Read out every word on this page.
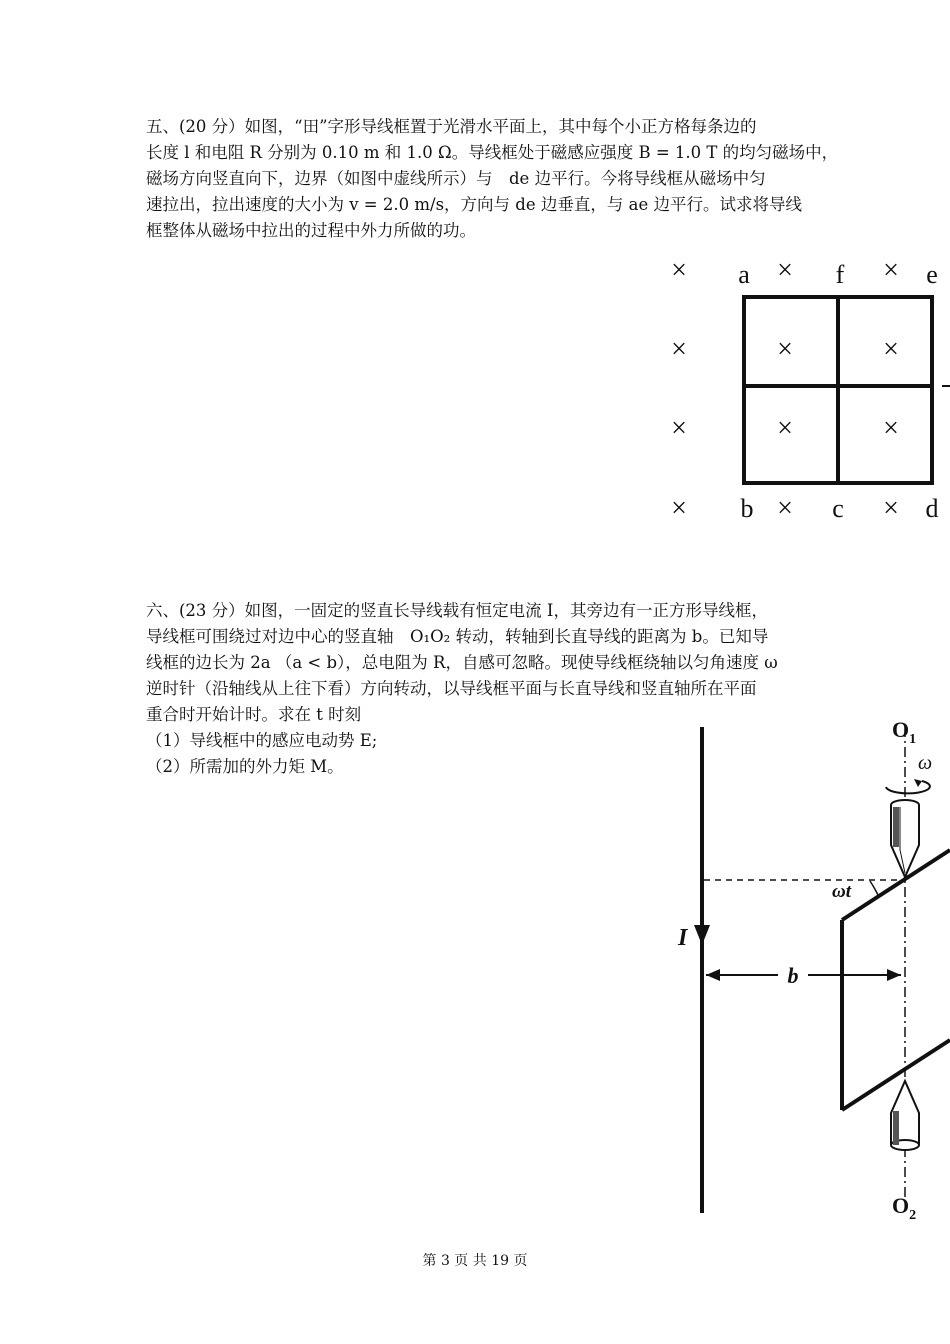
五、(20 分）如图，“田”字形导线框置于光滑水平面上，其中每个小正方格每条边的
长度 l 和电阻 R 分别为 0.10 m 和 1.0 Ω。导线框处于磁感应强度 B = 1.0 T 的均匀磁场中，
磁场方向竖直向下，边界（如图中虚线所示）与　de 边平行。今将导线框从磁场中匀
速拉出，拉出速度的大小为 v = 2.0 m/s，方向与 de 边垂直，与 ae 边平行。试求将导线
框整体从磁场中拉出的过程中外力所做的功。
×	×	×
×	×	×
×	×	×
×	×	×
a	f	e
b	c	d
六、(23 分）如图，一固定的竖直长导线载有恒定电流 I，其旁边有一正方形导线框，
导线框可围绕过对边中心的竖直轴　O₁O₂ 转动，转轴到长直导线的距离为 b。已知导
线框的边长为 2a （a < b），总电阻为 R，自感可忽略。现使导线框绕轴以匀角速度 ω
逆时针（沿轴线从上往下看）方向转动，以导线框平面与长直导线和竖直轴所在平面
重合时开始计时。求在 t 时刻
（1）导线框中的感应电动势 E;
（2）所需加的外力矩 M。
I
ωt
b
ω
$O_1$
$O_2$
第 3 页 共 19 页
